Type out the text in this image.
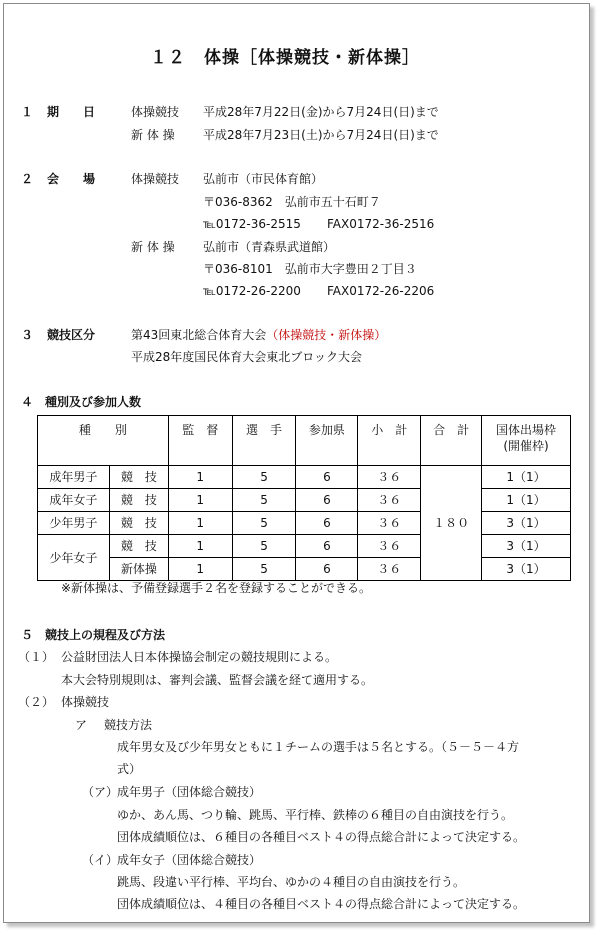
１２　体操［体操競技・新体操］
１ 期　　日	体操競技 平成28年7月22日(金)から7月24日(日)まで
新 体 操 平成28年7月23日(土)から7月24日(日)まで
２ 会　　場	体操競技 弘前市（市民体育館）
〒036-8362　弘前市五十石町７
℡0172-36-2515 FAX0172-36-2516
新 体 操 弘前市（青森県武道館）
〒036-8101　弘前市大字豊田２丁目３
℡0172-26-2200 FAX0172-26-2206
３ 競技区分	第43回東北総合体育大会（体操競技・新体操）
平成28年度国民体育大会東北ブロック大会
４　種別及び参加人数
種　　別		監　督	選　手	参加県	小　計	合　計	国体出場枠
(開催枠)

成年男子	競　技	1	5	6	３６	１８０	1（1）
成年女子	競　技	1	5	6	３６		1（1）
少年男子	競　技	1	5	6	３６		3（1）
少年女子	競　技	1	5	6	３６		3（1）
	新体操	1	5	6	３６		3（1）
※新体操は、予備登録選手２名を登録することができる。
５　競技上の規程及び方法
（１） 公益財団法人日本体操協会制定の競技規則による。
本大会特別規則は、審判会議、監督会議を経て適用する。
（２） 体操競技
ア 競技方法
成年男女及び少年男女ともに１チームの選手は５名とする。（５－５－４方
式）
（ア）
成年男子（団体総合競技）
ゆか、あん馬、つり輪、跳馬、平行棒、鉄棒の６種目の自由演技を行う。
団体成績順位は、６種目の各種目ベスト４の得点総合計によって決定する。
（イ）
成年女子（団体総合競技）
跳馬、段違い平行棒、平均台、ゆかの４種目の自由演技を行う。
団体成績順位は、４種目の各種目ベスト４の得点総合計によって決定する。
